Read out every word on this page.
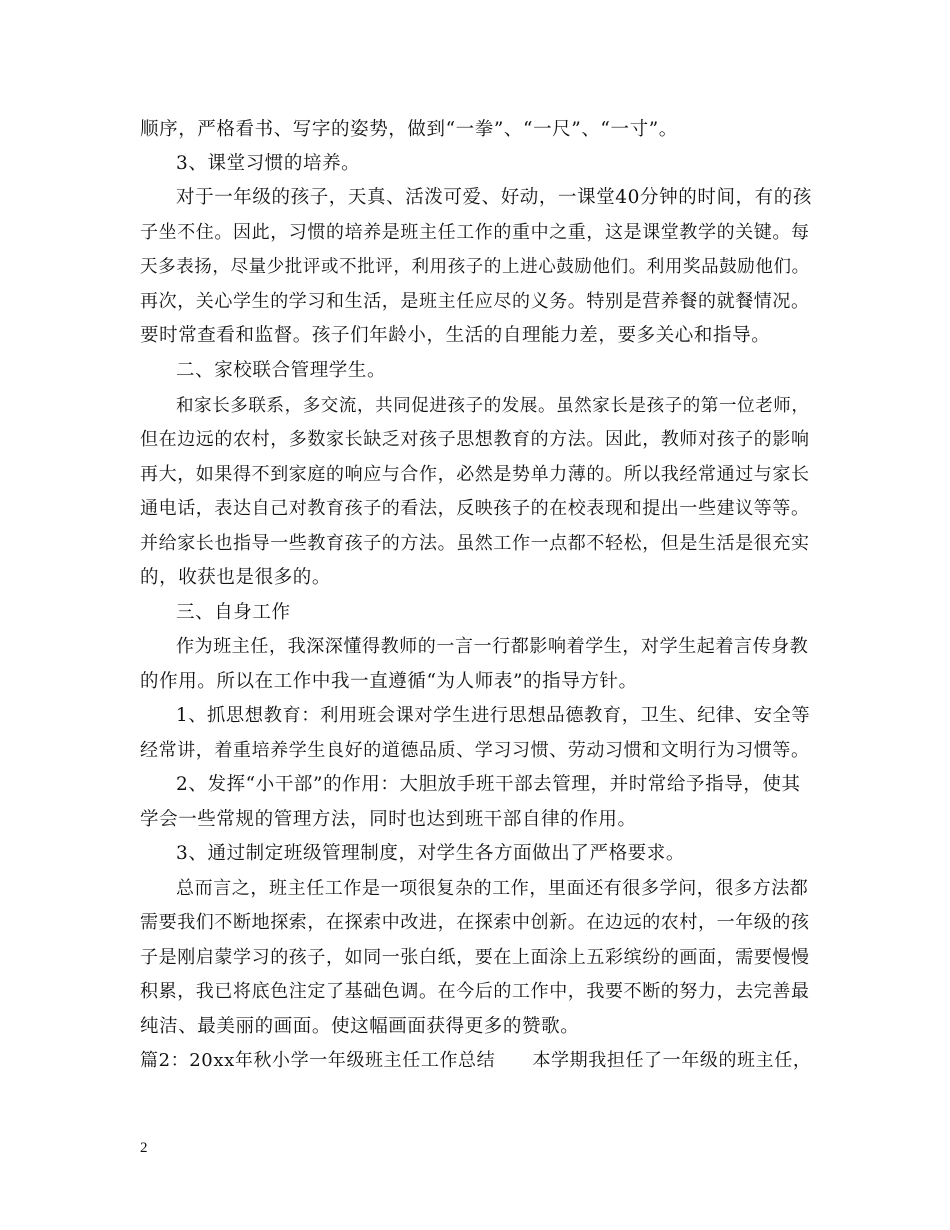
顺序，严格看书、写字的姿势，做到“一拳”、“一尺”、“一寸”。
3、课堂习惯的培养。
对于一年级的孩子，天真、活泼可爱、好动，一课堂40分钟的时间，有的孩
子坐不住。因此，习惯的培养是班主任工作的重中之重，这是课堂教学的关键。每
天多表扬，尽量少批评或不批评，利用孩子的上进心鼓励他们。利用奖品鼓励他们。
再次，关心学生的学习和生活，是班主任应尽的义务。特别是营养餐的就餐情况。
要时常查看和监督。孩子们年龄小，生活的自理能力差，要多关心和指导。
二、家校联合管理学生。
和家长多联系，多交流，共同促进孩子的发展。虽然家长是孩子的第一位老师，
但在边远的农村，多数家长缺乏对孩子思想教育的方法。因此，教师对孩子的影响
再大，如果得不到家庭的响应与合作，必然是势单力薄的。所以我经常通过与家长
通电话，表达自己对教育孩子的看法，反映孩子的在校表现和提出一些建议等等。
并给家长也指导一些教育孩子的方法。虽然工作一点都不轻松，但是生活是很充实
的，收获也是很多的。
三、自身工作
作为班主任，我深深懂得教师的一言一行都影响着学生，对学生起着言传身教
的作用。所以在工作中我一直遵循“为人师表”的指导方针。
1、抓思想教育：利用班会课对学生进行思想品德教育，卫生、纪律、安全等
经常讲，着重培养学生良好的道德品质、学习习惯、劳动习惯和文明行为习惯等。
2、发挥“小干部”的作用：大胆放手班干部去管理，并时常给予指导，使其
学会一些常规的管理方法，同时也达到班干部自律的作用。
3、通过制定班级管理制度，对学生各方面做出了严格要求。
总而言之，班主任工作是一项很复杂的工作，里面还有很多学问，很多方法都
需要我们不断地探索，在探索中改进，在探索中创新。在边远的农村，一年级的孩
子是刚启蒙学习的孩子，如同一张白纸，要在上面涂上五彩缤纷的画面，需要慢慢
积累，我已将底色注定了基础色调。在今后的工作中，我要不断的努力，去完善最
纯洁、最美丽的画面。使这幅画面获得更多的赞歌。
篇2：20xx年秋小学一年级班主任工作总结　　本学期我担任了一年级的班主任，
2
